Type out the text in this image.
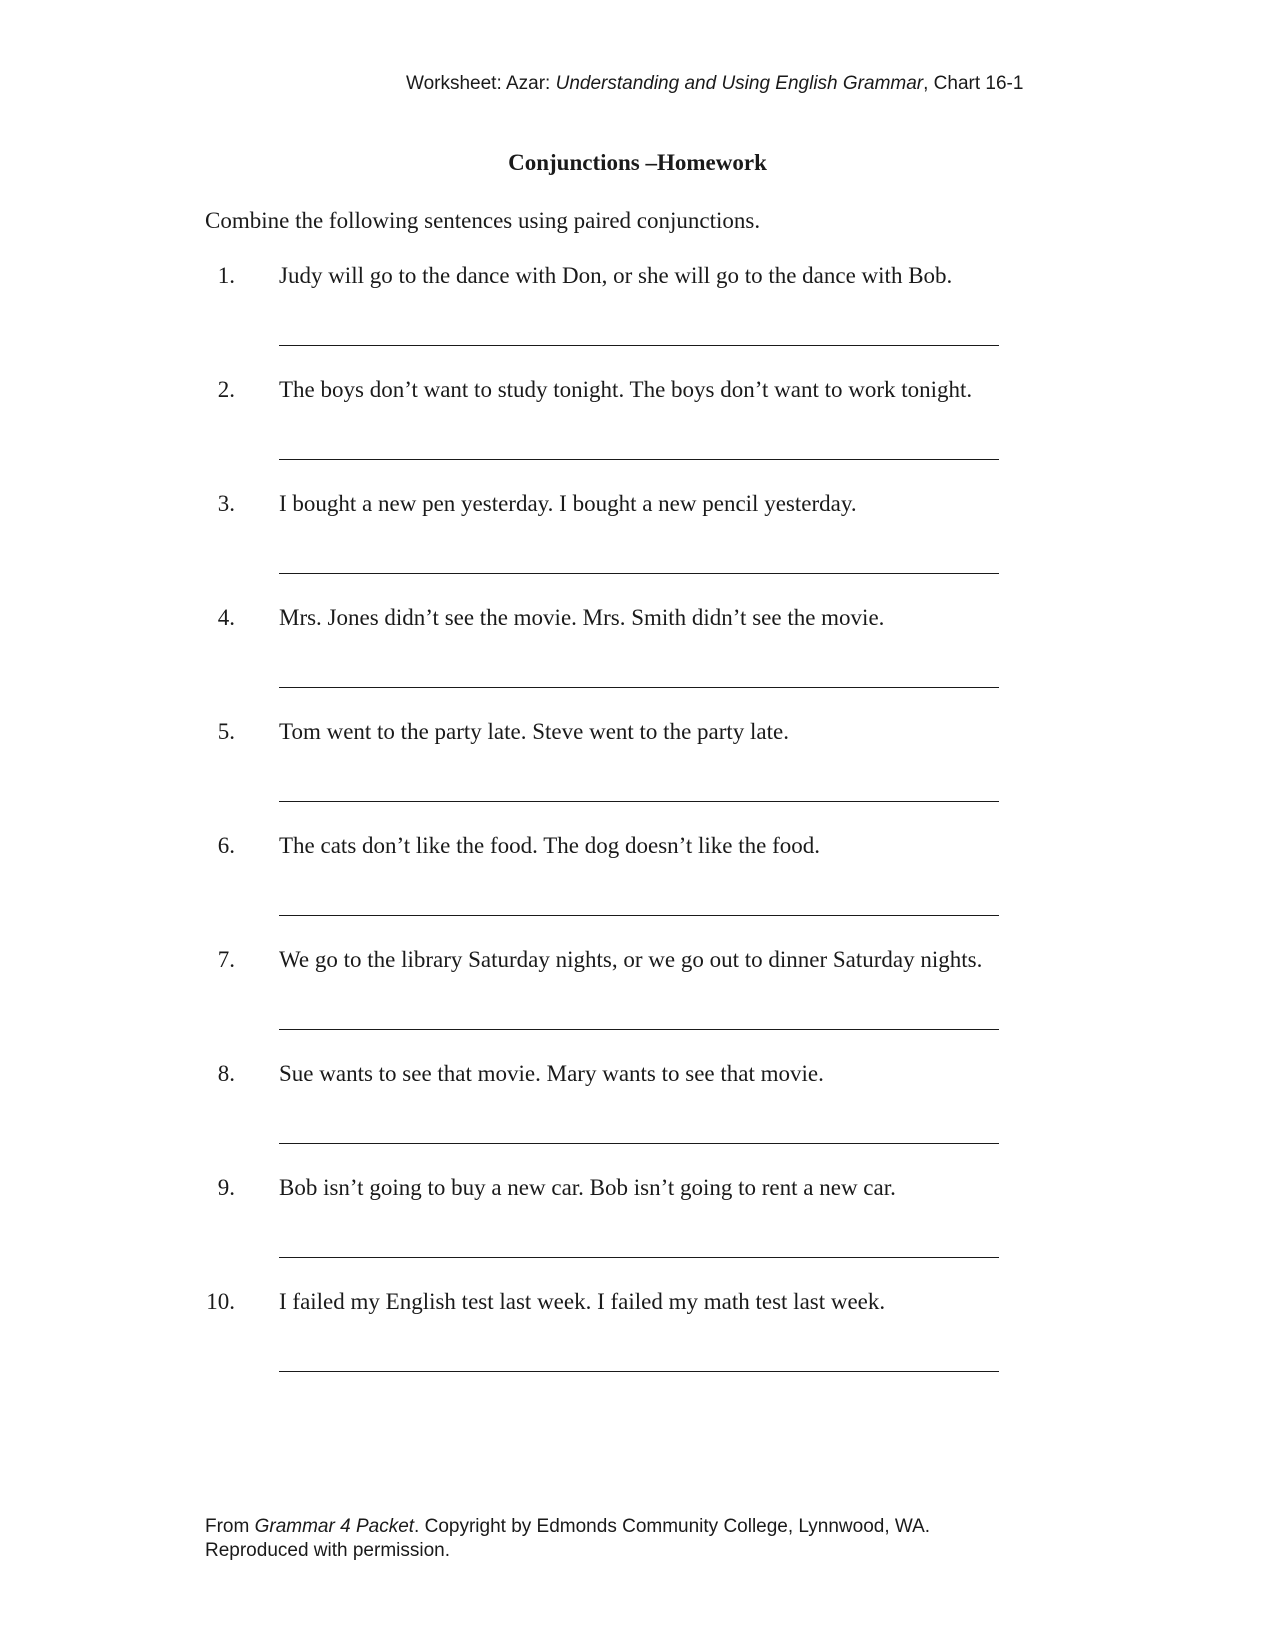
Worksheet: Azar: Understanding and Using English Grammar, Chart 16-1
Conjunctions –Homework
Combine the following sentences using paired conjunctions.
1. Judy will go to the dance with Don, or she will go to the dance with Bob.
2. The boys don’t want to study tonight. The boys don’t want to work tonight.
3. I bought a new pen yesterday. I bought a new pencil yesterday.
4. Mrs. Jones didn’t see the movie. Mrs. Smith didn’t see the movie.
5. Tom went to the party late. Steve went to the party late.
6. The cats don’t like the food. The dog doesn’t like the food.
7. We go to the library Saturday nights, or we go out to dinner Saturday nights.
8. Sue wants to see that movie. Mary wants to see that movie.
9. Bob isn’t going to buy a new car. Bob isn’t going to rent a new car.
10. I failed my English test last week. I failed my math test last week.
From Grammar 4 Packet. Copyright by Edmonds Community College, Lynnwood, WA.
Reproduced with permission.
